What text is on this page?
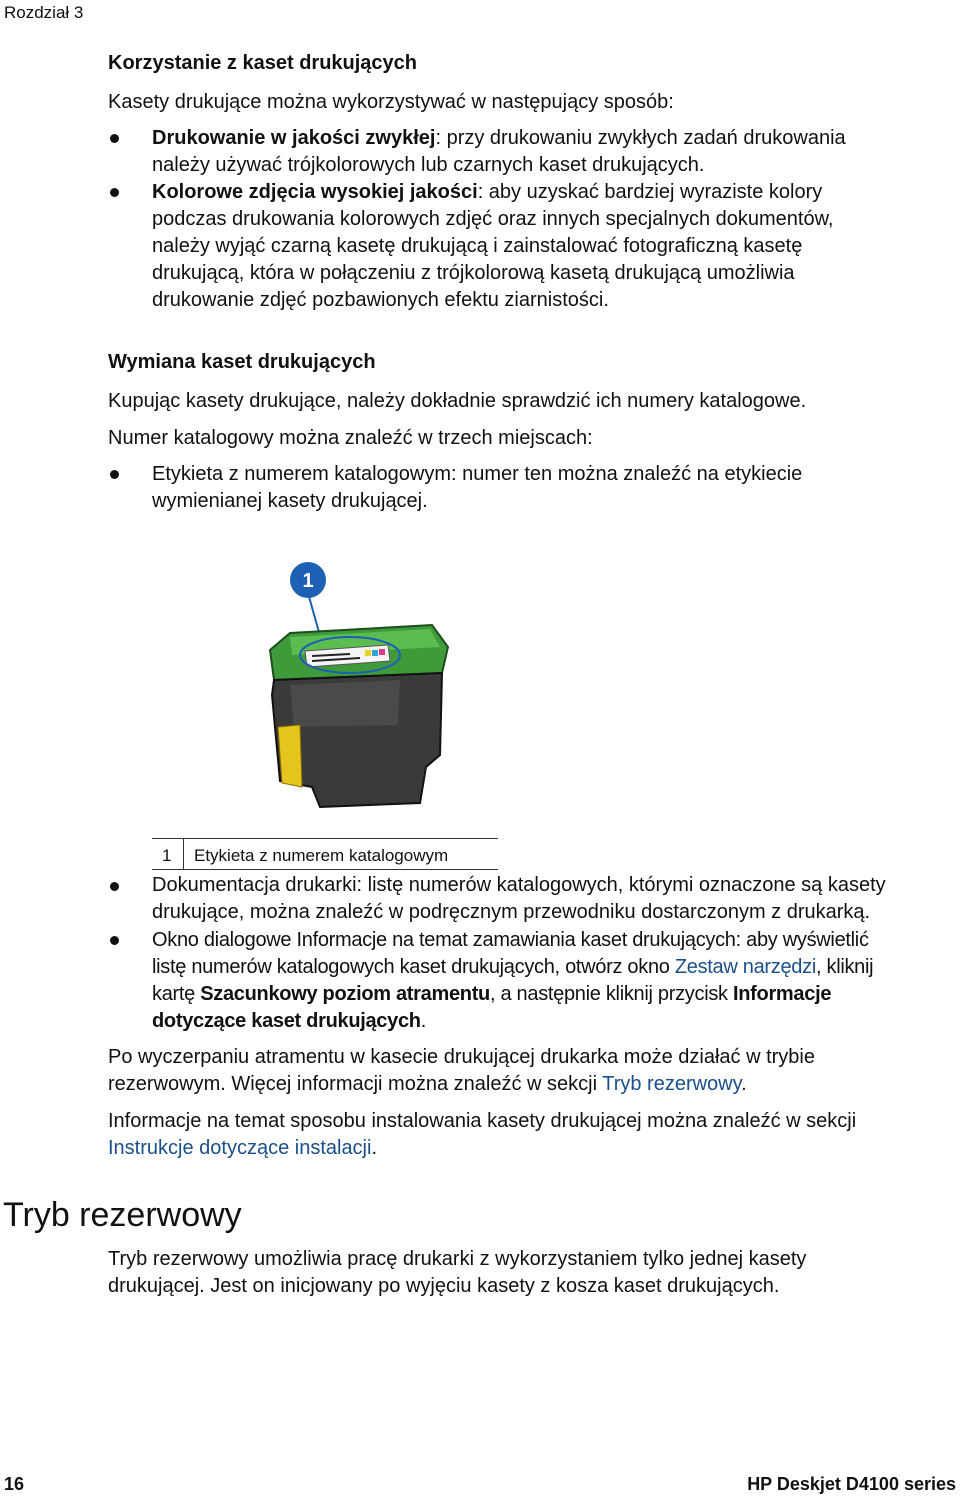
Rozdział 3
Korzystanie z kaset drukujących
Kasety drukujące można wykorzystywać w następujący sposób:
Drukowanie w jakości zwykłej: przy drukowaniu zwykłych zadań drukowania
należy używać trójkolorowych lub czarnych kaset drukujących.
Kolorowe zdjęcia wysokiej jakości: aby uzyskać bardziej wyraziste kolory
podczas drukowania kolorowych zdjęć oraz innych specjalnych dokumentów,
należy wyjąć czarną kasetę drukującą i zainstalować fotograficzną kasetę
drukującą, która w połączeniu z trójkolorową kasetą drukującą umożliwia
drukowanie zdjęć pozbawionych efektu ziarnistości.
Wymiana kaset drukujących
Kupując kasety drukujące, należy dokładnie sprawdzić ich numery katalogowe.
Numer katalogowy można znaleźć w trzech miejscach:
Etykieta z numerem katalogowym: numer ten można znaleźć na etykiecie
wymienianej kasety drukującej.
1
1 Etykieta z numerem katalogowym
Dokumentacja drukarki: listę numerów katalogowych, którymi oznaczone są kasety
drukujące, można znaleźć w podręcznym przewodniku dostarczonym z drukarką.
Okno dialogowe Informacje na temat zamawiania kaset drukujących: aby wyświetlić
listę numerów katalogowych kaset drukujących, otwórz okno Zestaw narzędzi, kliknij
kartę Szacunkowy poziom atramentu, a następnie kliknij przycisk Informacje
dotyczące kaset drukujących.
Po wyczerpaniu atramentu w kasecie drukującej drukarka może działać w trybie
rezerwowym. Więcej informacji można znaleźć w sekcji Tryb rezerwowy.
Informacje na temat sposobu instalowania kasety drukującej można znaleźć w sekcji
Instrukcje dotyczące instalacji.
Tryb rezerwowy
Tryb rezerwowy umożliwia pracę drukarki z wykorzystaniem tylko jednej kasety
drukującej. Jest on inicjowany po wyjęciu kasety z kosza kaset drukujących.
16	HP Deskjet D4100 series
